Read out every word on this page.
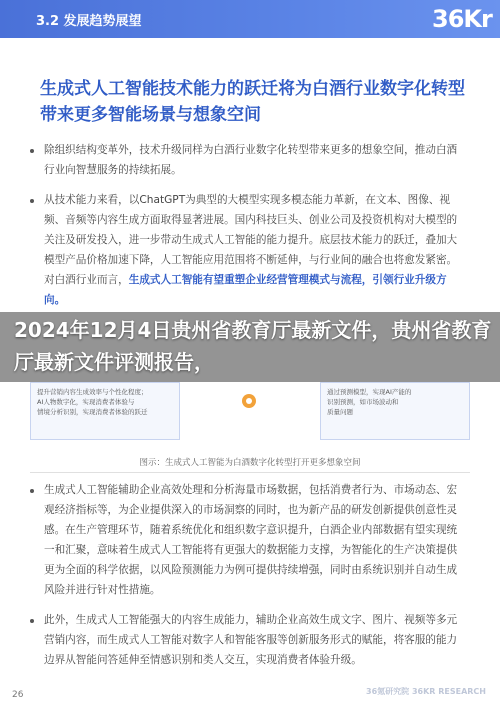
3.2 发展趋势展望	36Kr
生成式人工智能技术能力的跃迁将为白酒行业数字化转型带来更多智能场景与想象空间
除组织结构变革外，技术升级同样为白酒行业数字化转型带来更多的想象空间，推动白酒行业向智慧服务的持续拓展。
从技术能力来看，以ChatGPT为典型的大模型实现多模态能力革新，在文本、图像、视频、音频等内容生成方面取得显著进展。国内科技巨头、创业公司及投资机构对大模型的关注及研发投入，进一步带动生成式人工智能的能力提升。底层技术能力的跃迁，叠加大模型产品价格加速下降，人工智能应用范围将不断延伸，与行业间的融合也将愈发紧密。对白酒行业而言，生成式人工智能有望重塑企业经营管理模式与流程，引领行业升级方向。
2024年12月4日贵州省教育厅最新文件，贵州省教育厅最新文件评测报告，
提升营销内容生成效率与个性化程度；
AI人物数字化，实现消费者体验与
情境分析识别，实现消费者体验的跃迁
通过预测模型，实现AI产能的
识别预测，如市场波动和
质量问题
图示：生成式人工智能为白酒数字化转型打开更多想象空间
生成式人工智能辅助企业高效处理和分析海量市场数据，包括消费者行为、市场动态、宏观经济指标等，为企业提供深入的市场洞察的同时，也为新产品的研发创新提供创意性灵感。在生产管理环节，随着系统优化和组织数字意识提升，白酒企业内部数据有望实现统一和汇聚，意味着生成式人工智能将有更强大的数据能力支撑，为智能化的生产决策提供更为全面的科学依据，以风险预测能力为例可提供持续增强，同时由系统识别并自动生成风险并进行针对性措施。
此外，生成式人工智能强大的内容生成能力，辅助企业高效生成文字、图片、视频等多元营销内容，而生成式人工智能对数字人和智能客服等创新服务形式的赋能，将客服的能力边界从智能问答延伸至情感识别和类人交互，实现消费者体验升级。
26	36氪研究院 36KR RESEARCH
